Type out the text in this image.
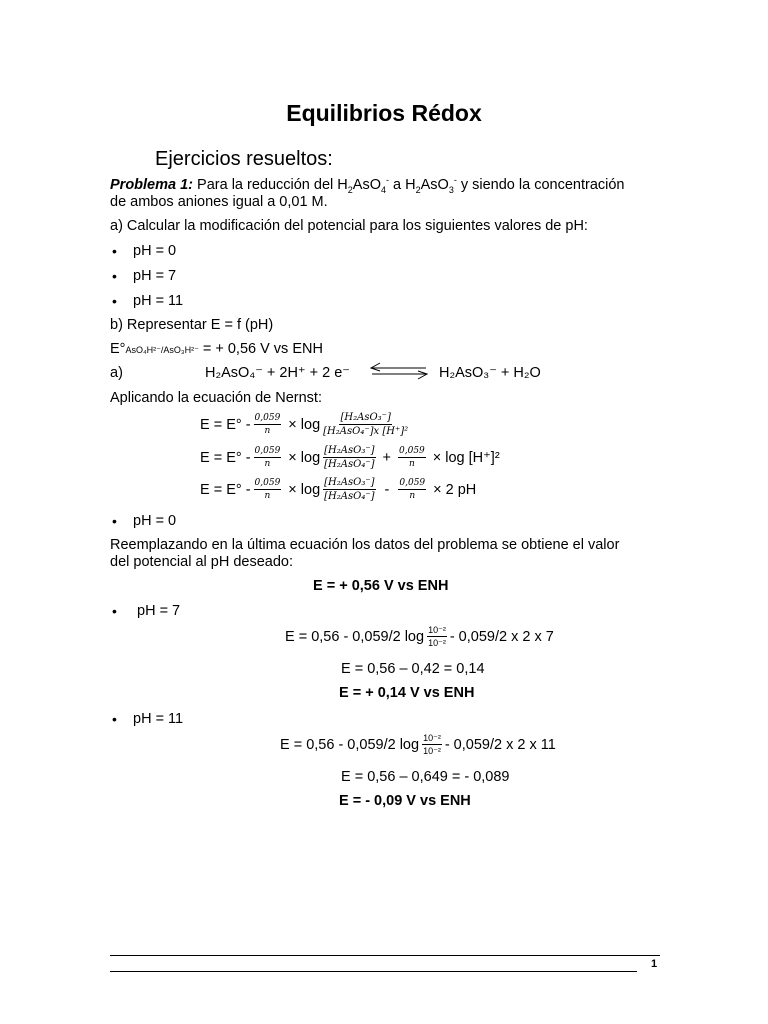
Equilibrios Rédox
Ejercicios resueltos:
Problema 1: Para la reducción del $H_2AsO_4^-$ a $H_2AsO_3^-$ y siendo la concentración
de ambos aniones igual a 0,01 M.
a) Calcular la modificación del potencial para los siguientes valores de pH:
• pH = 0
• pH = 7
• pH = 11
b) Representar E = f (pH)
E°AsO₄H²⁻/AsO₃H²⁻ = + 0,56 V vs ENH
a)	H₂AsO₄⁻ + 2H⁺ + 2 e⁻	H₂AsO₃⁻ + H₂O
Aplicando la ecuación de Nernst:
$E = E^\circ - \frac{0,059}{n} \times \log \frac{\text{[H₂AsO₃⁻]}}{\text{[H₂AsO₄⁻]x [H⁺]²}}$
$E = E^\circ - \frac{0,059}{n} \times \log \frac{\text{[H₂AsO₃⁻]}}{\text{[H₂AsO₄⁻]}} + \frac{0,059}{n} \times \log [H^+]^2$
$E = E^\circ - \frac{0,059}{n} \times \log \frac{\text{[H₂AsO₃⁻]}}{\text{[H₂AsO₄⁻]}} - \frac{0,059}{n} \times 2$ pH
• pH = 0
Reemplazando en la última ecuación los datos del problema se obtiene el valor
del potencial al pH deseado:
E = + 0,56 V vs ENH
• pH = 7
E = 0,56 - 0,059/2 $\log \frac{\text{10⁻²}}{\text{10⁻²}} - 0,059/2$ x 2 x 7
E = 0,56 – 0,42 = 0,14
E = + 0,14 V vs ENH
• pH = 11
E = 0,56 - 0,059/2 $\log \frac{\text{10⁻²}}{\text{10⁻²}} - 0,059/2$ x 2 x 11
E = 0,56 – 0,649 = - 0,089
E = - 0,09 V vs ENH
1
